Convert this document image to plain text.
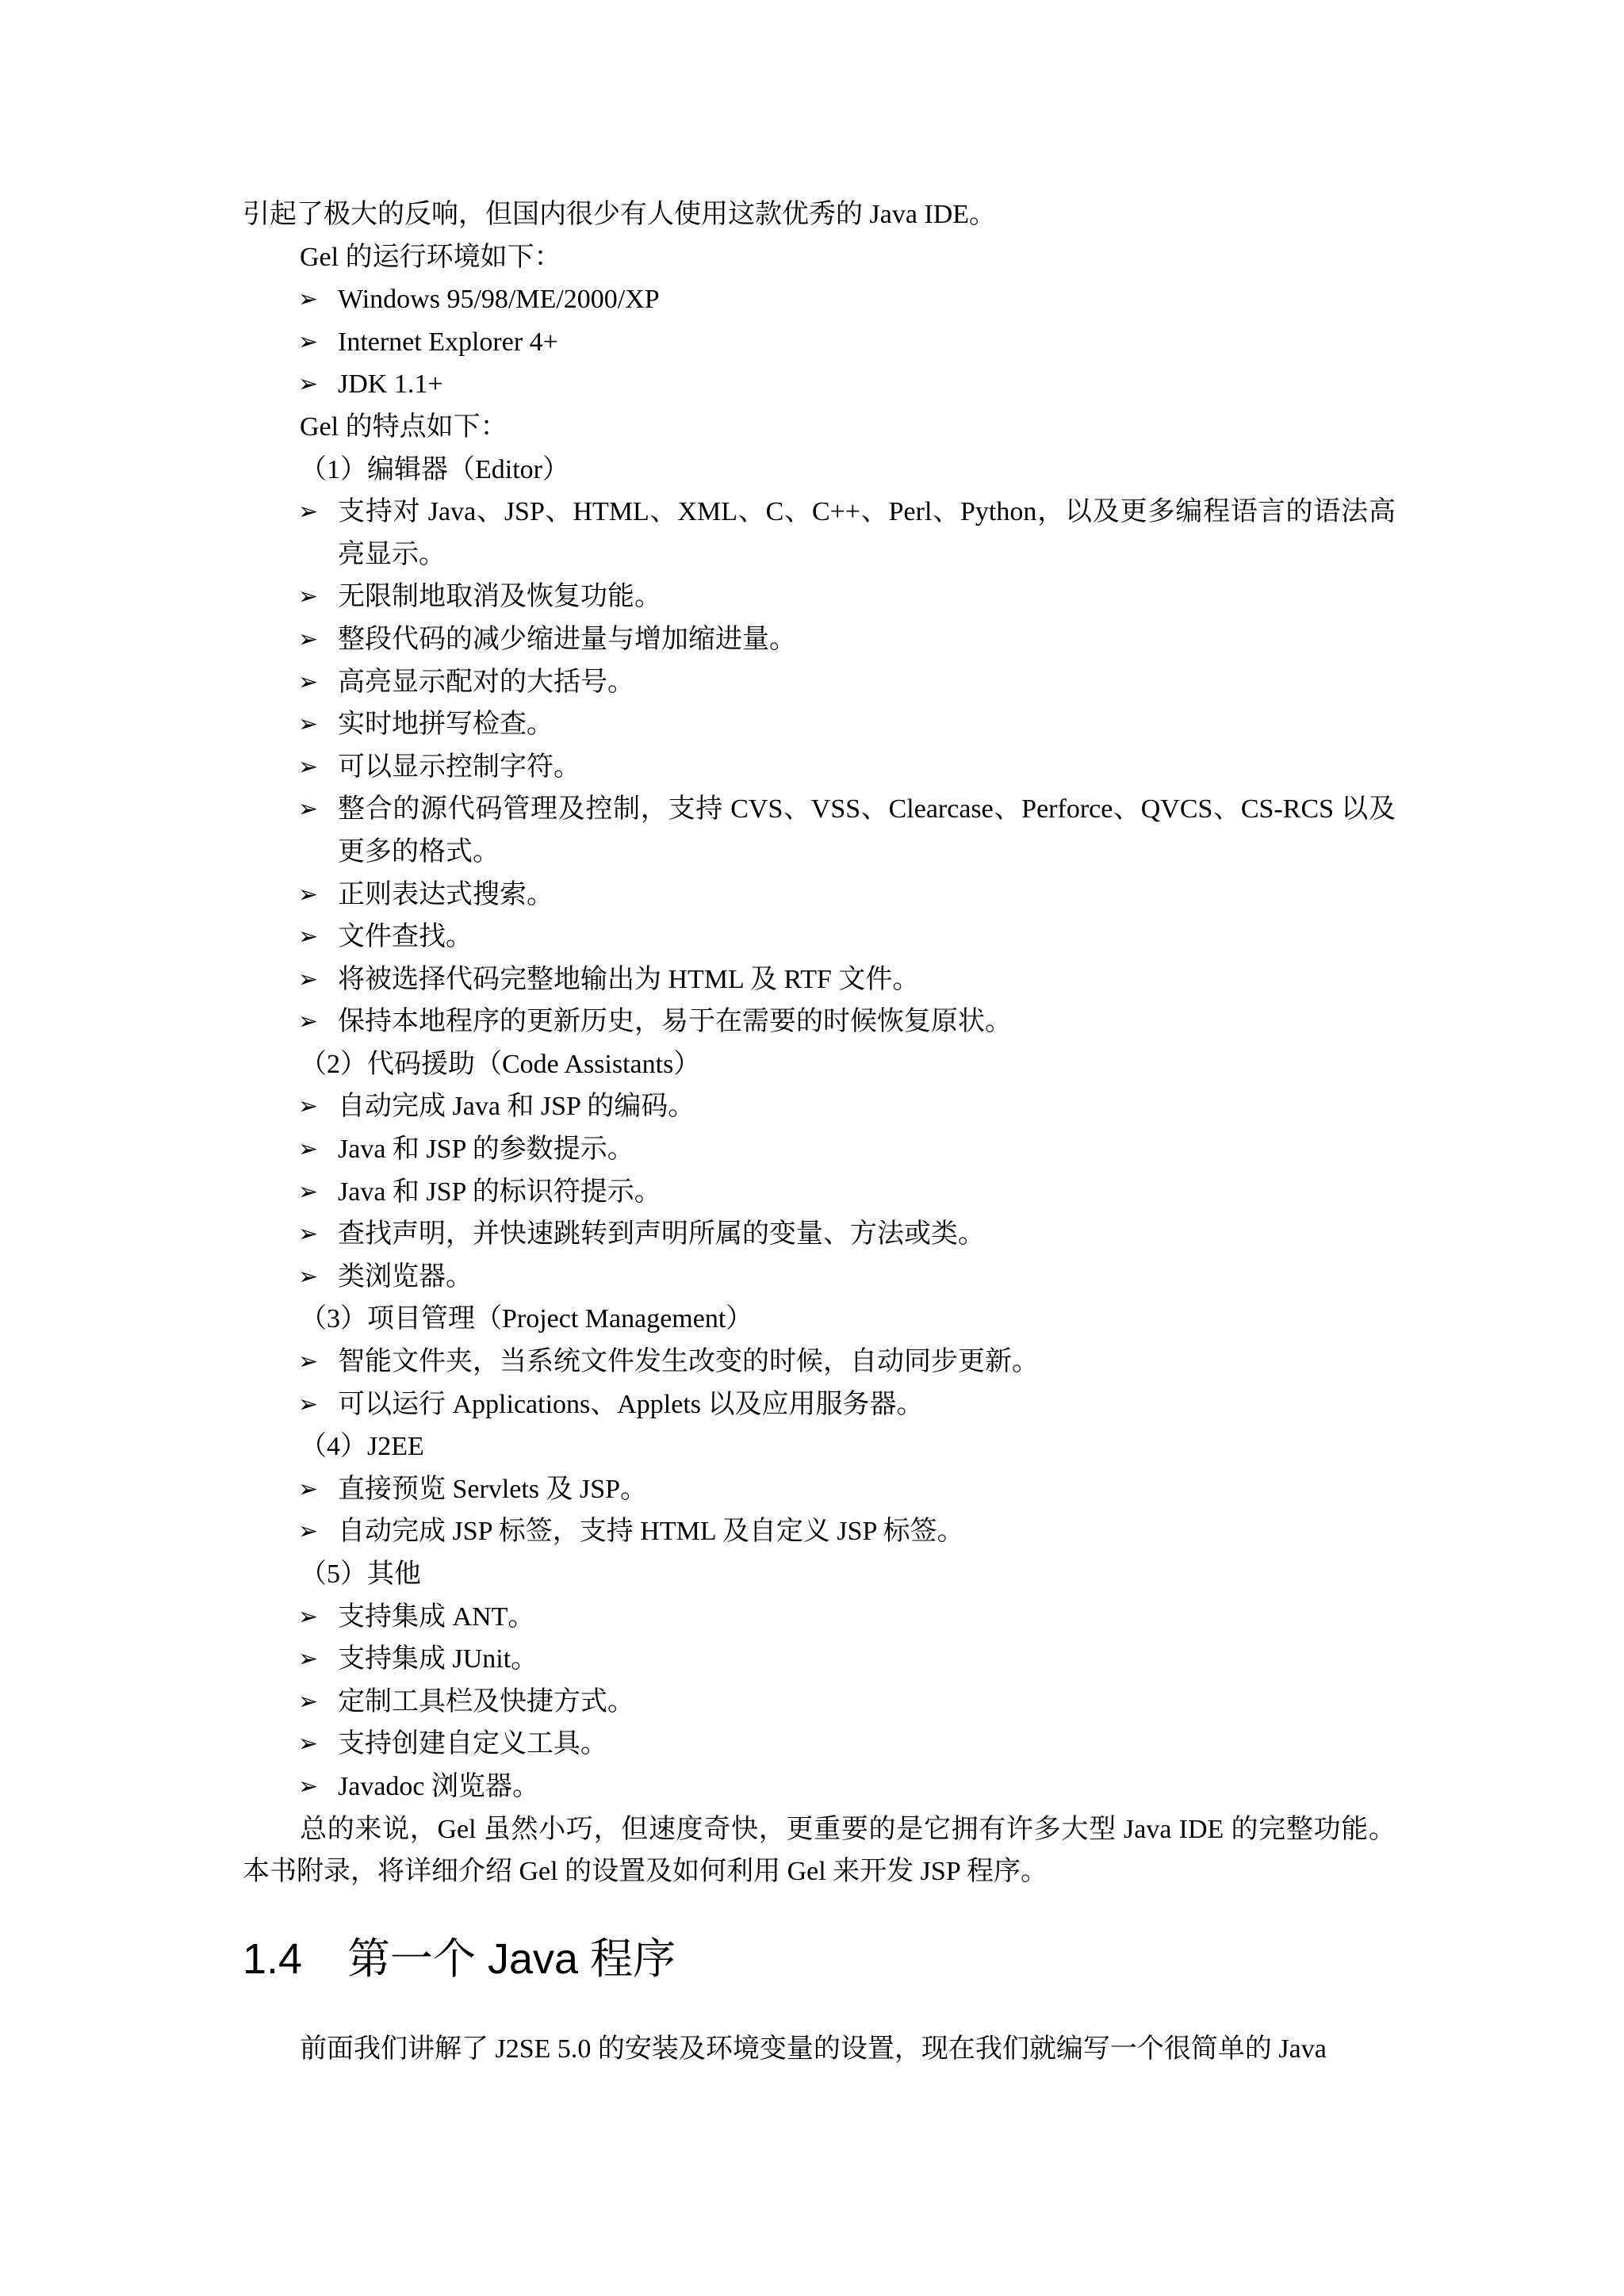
引起了极大的反响，但国内很少有人使用这款优秀的 Java IDE。
Gel 的运行环境如下：
➢ Windows 95/98/ME/2000/XP
➢ Internet Explorer 4+
➢ JDK 1.1+
Gel 的特点如下：
（1）编辑器（Editor）
➢ 支持对 Java、JSP、HTML、XML、C、C++、Perl、Python，以及更多编程语言的语法高亮显示。
➢ 无限制地取消及恢复功能。
➢ 整段代码的减少缩进量与增加缩进量。
➢ 高亮显示配对的大括号。
➢ 实时地拼写检查。
➢ 可以显示控制字符。
➢ 整合的源代码管理及控制，支持 CVS、VSS、Clearcase、Perforce、QVCS、CS-RCS 以及更多的格式。
➢ 正则表达式搜索。
➢ 文件查找。
➢ 将被选择代码完整地输出为 HTML 及 RTF 文件。
➢ 保持本地程序的更新历史，易于在需要的时候恢复原状。
（2）代码援助（Code Assistants）
➢ 自动完成 Java 和 JSP 的编码。
➢ Java 和 JSP 的参数提示。
➢ Java 和 JSP 的标识符提示。
➢ 查找声明，并快速跳转到声明所属的变量、方法或类。
➢ 类浏览器。
（3）项目管理（Project Management）
➢ 智能文件夹，当系统文件发生改变的时候，自动同步更新。
➢ 可以运行 Applications、Applets 以及应用服务器。
（4）J2EE
➢ 直接预览 Servlets 及 JSP。
➢ 自动完成 JSP 标签，支持 HTML 及自定义 JSP 标签。
（5）其他
➢ 支持集成 ANT。
➢ 支持集成 JUnit。
➢ 定制工具栏及快捷方式。
➢ 支持创建自定义工具。
➢ Javadoc 浏览器。
总的来说，Gel 虽然小巧，但速度奇快，更重要的是它拥有许多大型 Java IDE 的完整功能。本书附录，将详细介绍 Gel 的设置及如何利用 Gel 来开发 JSP 程序。
1.4 第一个 Java 程序
前面我们讲解了 J2SE 5.0 的安装及环境变量的设置，现在我们就编写一个很简单的 Java
